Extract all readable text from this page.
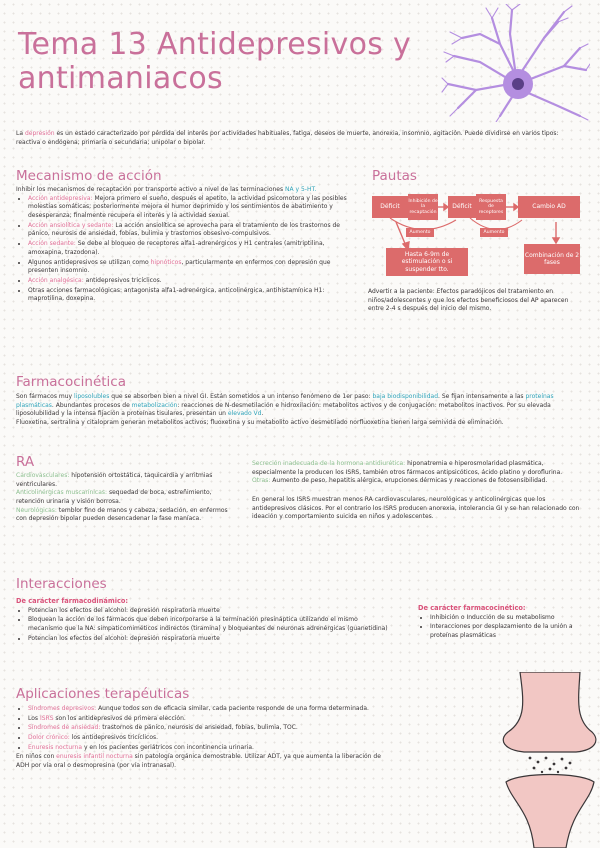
Tema 13 Antidepresivos y antimaniacos
La depresión es un estado caracterizado por pérdida del interés por actividades habituales, fatiga, deseos de muerte, anorexia, insomnio, agitación. Puede dividirse en varios tipos: reactiva o endógena; primaria o secundaria; unipolar o bipolar.
Mecanismo de acción

Inhibir los mecanismos de recaptación por transporte activo a nivel de las terminaciones NA y 5-HT.

• Acción antidepresiva: Mejora primero el sueño, después el apetito, la actividad psicomotora y las posibles molestias somáticas; posteriormente mejora el humor deprimido y los sentimientos de abatimiento y desesperanza; finalmente recupera el interés y la actividad sexual.
• Acción ansiolítica y sedante: La acción ansiolítica se aprovecha para el tratamiento de los trastornos de pánico, neurosis de ansiedad, fobias, bulimia y trastornos obsesivo-compulsivos.
• Acción sedante: Se debe al bloqueo de receptores alfa1-adrenérgicos y H1 centrales (amitriptilina, amoxapina, trazodona).
• Algunos antidepresivos se utilizan como hipnóticos, particularmente en enfermos con depresión que presenten insomnio.
• Acción analgésica: antidepresivos tricíclicos.
• Otras acciones farmacológicas: antagonista alfa1-adrenérgica, anticolinérgica, antihistamínica H1: maprotilina, doxepina.
Pautas
Déficit
Inhibición de la recaptación
Déficit
Respuesta de receptores
Cambio AD
Aumento	Aumento
Hasta 6-9m de estimulación o si suspender tto.
Combinación de 2 fases
Advertir a la paciente: Efectos paradójicos del tratamiento en niños/adolescentes y que los efectos beneficiosos del AP aparecen entre 2-4 s después del inicio del mismo.
Farmacocinética

Son fármacos muy liposolubles que se absorben bien a nivel GI. Están sometidos a un intenso fenómeno de 1er paso: baja biodisponibilidad. Se fijan intensamente a las proteínas plasmáticas. Abundantes procesos de metabolización: reacciones de N-desmetilación e hidroxilación: metabolitos activos y de conjugación: metabolitos inactivos. Por su elevada liposolubilidad y la intensa fijación a proteínas tisulares, presentan un elevado Vd.

Fluoxetina, sertralina y citalopram generan metabolitos activos; fluoxetina y su metabolito activo desmetilado norfluoxetina tienen larga semivida de eliminación.

RA

Cardiovasculares: hipotensión ortostática, taquicardia y arritmias ventriculares.

Anticolinérgicas muscarínicas: sequedad de boca, estreñimiento, retención urinaria y visión borrosa.

Neurológicas: temblor fino de manos y cabeza, sedación, en enfermos con depresión bipolar pueden desencadenar la fase maníaca.

Secreción inadecuada de la hormona antidiurética: hiponatremia e hiperosmolaridad plasmática, especialmente la producen los ISRS, también otros fármacos antipsicóticos, ácido platino y doroflurina.

Otras: Aumento de peso, hepatitis alérgica, erupciones dérmicas y reacciones de fotosensibilidad.

En general los ISRS muestran menos RA cardiovasculares, neurológicas y anticolinérgicas que los antidepresivos clásicos. Por el contrario los ISRS producen anorexia, intolerancia GI y se han relacionado con ideación y comportamiento suicida en niños y adolescentes.

Interacciones
De carácter farmacodinámico:
• Potencian los efectos del alcohol: depresión respiratoria muerte
• Bloquean la acción de los fármacos que deben incorporarse a la terminación presináptica utilizando el mismo mecanismo que la NA: simpaticomiméticos indirectos (tiramina) y bloqueantes de neuronas adrenérgicas (guanetidina)
• Potencian los efectos del alcohol: depresión respiratoria muerte
De carácter farmacocinético:
• Inhibición o Inducción de su metabolismo
• Interacciones por desplazamiento de la unión a proteínas plasmáticas
Aplicaciones terapéuticas
• Síndromes depresivos: Aunque todos son de eficacia similar, cada paciente responde de una forma determinada.
• Los ISRS son los antidepresivos de primera elección.
• Síndromes de ansiedad: trastornos de pánico, neurosis de ansiedad, fobias, bulimia, TOC.
• Dolor crónico: los antidepresivos tricíclicos.
• Enuresis nocturna y en los pacientes geriátricos con incontinencia urinaria.

En niños con enuresis infantil nocturna sin patología orgánica demostrable. Utilizar ADT, ya que aumenta la liberación de ADH por vía oral o desmopresina (por vía intranasal).
